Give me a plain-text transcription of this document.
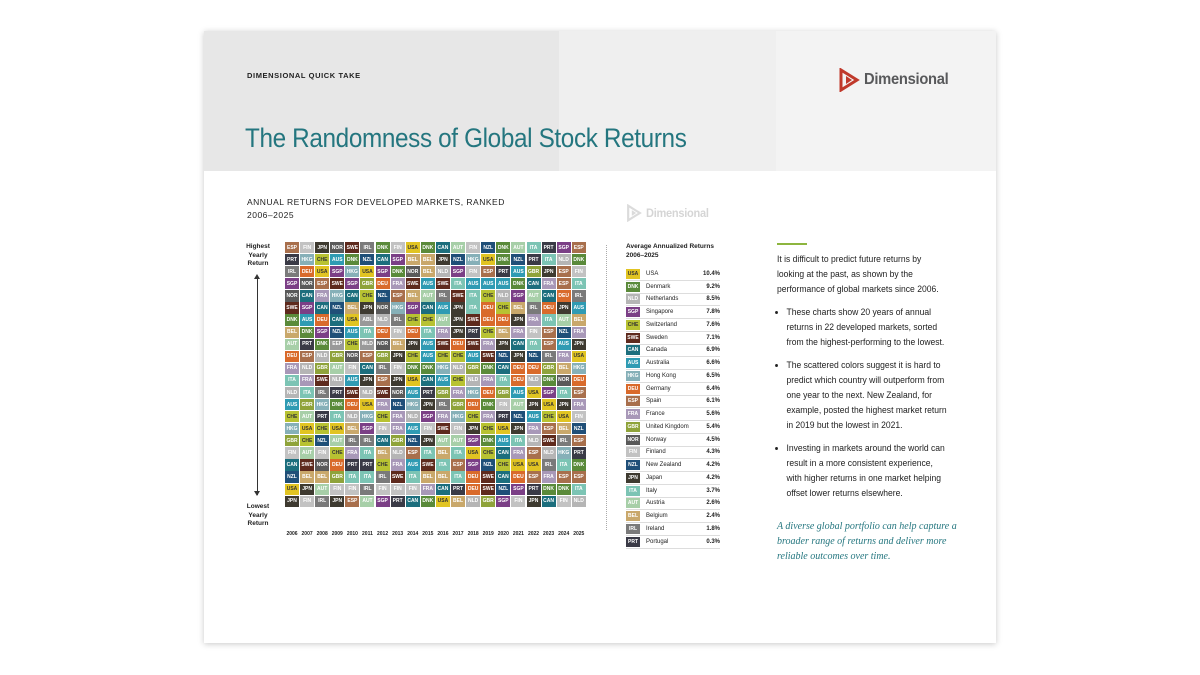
DIMENSIONAL QUICK TAKE	Dimensional
The Randomness of Global Stock Returns
ANNUAL RETURNS FOR DEVELOPED MARKETS, RANKED
2006–2025	Dimensional
Highest
Yearly
Return
Lowest
Yearly
Return
ESP	FIN	JPN NOR SWE	IRL	DNK	FIN	USA DNK CAN AUT	FIN	NZL DNK AUT	ITA	PRT SGP ESP
PRT HKG CHE AUS DNK NZL CAN SGP BEL	BEL	JPN	NZL HKG USA DNK NZL	PRT	ITA	NLD DNK
IRL	DEU USA SGP HKG USA SGP DNK NOR BEL NLD SGP	FIN	ESP	PRT AUS GBR JPN	ESP	FIN
SGP NOR ESP SWE SGP GBR DEU FRA SWE AUS SWE	ITA	AUS AUS AUS DNK CAN FRA ESP	ITA
NOR CAN FRA HKG CAN CHE NZL	ESP	BEL AUT	IRL	SWE	ITA	CHE NLD SGP AUT CAN DEU	IRL
SWE SGP CAN NZL	BEL	JPN NOR HKG SGP CAN AUS JPN	ITA	DEU CHE BEL	IRL	DEU JPN AUS
DNK AUS DEU CAN USA ABL NLD	IRL	CHE CHE AUT	JPN SWE DEU DEU JPN	FRA	ITA	AUT BEL
BEL DNK SGP NZL AUS	ITA	DEU	FIN	DEU	ITA	FRA	JPN	PRT CHE BEL FRA	FIN	ESP	NZL	FRA
AUT PRT DNK EEP CHE MLD NOR BEL	JPN AUS SWE DEU SWE FRA	JPN CAN	ITA	ESP AUS JPN
DEU ESP NLD GBR NOR ESP GBR JPN CHE AUS CHE CHE AUS SWE NZL	JPN	NZL	IRL	FRA USA
FRA NLD GBR AUT	FIN	CAN	IRL	FIN	DNK DNK HKG NLD GBR DNK CAN DEU DEU GBR BEL HKG
ITA	FRA SWE NLD AUS JPN	ESP	JPN USA CAN AUS CHE NLD FRA	ITA	DEU NLD DNK NOR DEU
NLD	ITA	IRL	PRT SWE NLD SWE NOR AUS PRT GBR FRA HKG DEU GBR AUS USA SGP	ITA	ESP
AUS GBR HKG DNK DEU USA FRA	NZL HKG JPN	IRL	GBR DEU DNK	FIN	AUT	JPN USA JPN	FRA
CHE AUT PRT	ITA	NLD HKG CHE FRA NLD SGP FRA HKG CHE FRA PRT	NZL AUS CHE USA	FIN
HKG USA CHE USA BEL SGP	FIN	FRA AUS	FIN	SWE	FIN	JPN CHE USA JPN	FRA ESP	BEL	NZL
GBR CHE NZL	AUT	IRL	IRL	CAN GBR NZL	JPN	AUT AUT SGP DNK AUS	ITA	NLD SWE	IRL	ESP
FIN	AUT	FIN	CHE FRA	ITA	BEL NLD ESP	ITA	BEL	ITA	USA CHE CAN FRA ESP NLD HKG PRT
CAN SWE NOR DEU PRT	PRT CHE FRA AUS SWE	ITA	ESP SGP NZL CHE USA USA	IRL	ITA	DNK
NZL	BEL	BEL GBR	ITA	ITA	IRL	SWE	ITA	BEL	BEL	ITA	DEU SWE CAN DEU ESP FRA ESP	ESP
USA JPN	AUT	FIN	FIN	IRL	FIN	FIN	FIN	FRA CAN PRT DEU SWE NZL SGP PRT DNK DNK	ITA
JPN	FIN	IRL	JPN	ESP AUT SGP PRT CAN DNK USA BEL NLD GBR SGP	FIN	JPN CAN	FIN	NLD
2006 2007 2008 2009 2010 2011 2012 2013 2014 2015 2016 2017 2018 2019 2020 2021 2022 2023 2024 2025
Average Annualized Returns
2006–2025
USA	USA	10.4%
DNK	Denmark	9.2%
NLD	Netherlands	8.5%
SGP	Singapore	7.8%
CHE	Switzerland	7.6%
SWE	Sweden	7.1%
CAN	Canada	6.9%
AUS	Australia	6.6%
HKG	Hong Kong	6.5%
DEU	Germany	6.4%
ESP	Spain	6.1%
FRA	France	5.6%
GBR	United Kingdom	5.4%
NOR	Norway	4.5%
FIN	Finland	4.3%
NZL	New Zealand	4.2%
JPN	Japan	4.2%
ITA	Italy	3.7%
AUT	Austria	2.6%
BEL	Belgium	2.4%
IRL	Ireland	1.8%
PRT	Portugal	0.3%

It is difficult to predict future returns by looking at the past, as shown by the performance of global markets since 2006.

• These charts show 20 years of annual returns in 22 developed markets, sorted from the highest-performing to the lowest.
• The scattered colors suggest it is hard to predict which country will outperform from one year to the next. New Zealand, for example, posted the highest market return in 2019 but the lowest in 2021.
• Investing in markets around the world can result in a more consistent experience, with higher returns in one market helping offset lower returns elsewhere.
A diverse global portfolio can help capture a broader range of returns and deliver more reliable outcomes over time.
